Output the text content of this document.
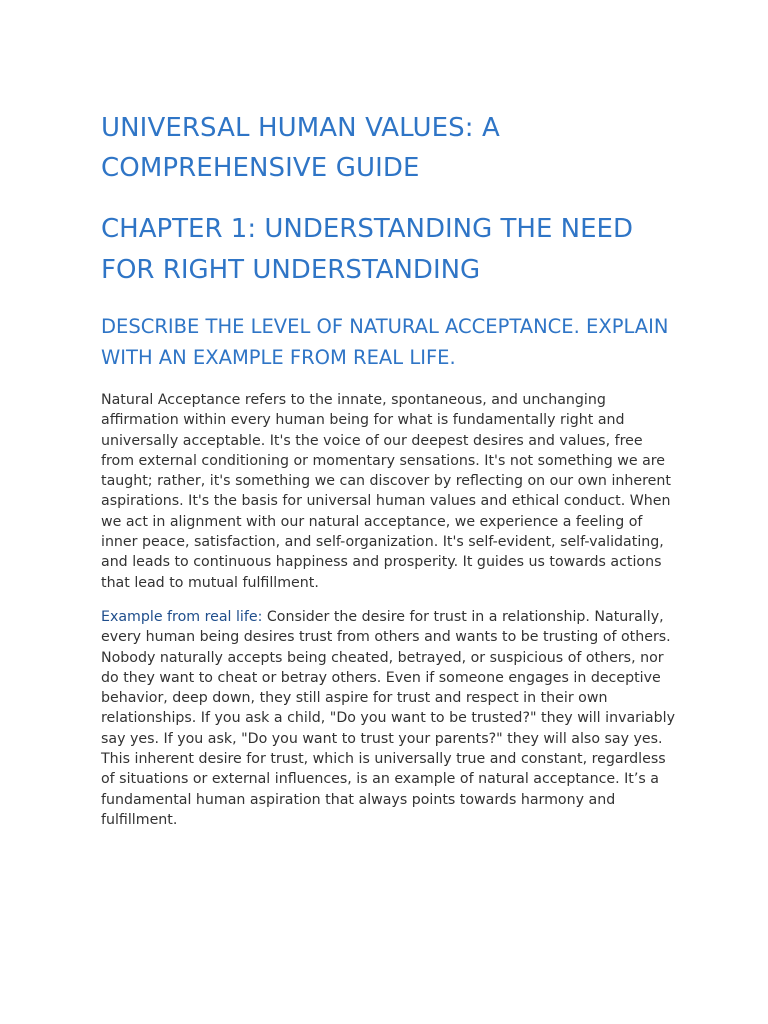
UNIVERSAL HUMAN VALUES: A COMPREHENSIVE GUIDE
CHAPTER 1: UNDERSTANDING THE NEED FOR RIGHT UNDERSTANDING
DESCRIBE THE LEVEL OF NATURAL ACCEPTANCE. EXPLAIN WITH AN EXAMPLE FROM REAL LIFE.

Natural Acceptance refers to the innate, spontaneous, and unchanging affirmation within every human being for what is fundamentally right and universally acceptable. It's the voice of our deepest desires and values, free from external conditioning or momentary sensations. It's not something we are taught; rather, it's something we can discover by reflecting on our own inherent aspirations. It's the basis for universal human values and ethical conduct. When we act in alignment with our natural acceptance, we experience a feeling of inner peace, satisfaction, and self-organization. It's self-evident, self-validating, and leads to continuous happiness and prosperity. It guides us towards actions that lead to mutual fulfillment.

Example from real life: Consider the desire for trust in a relationship. Naturally, every human being desires trust from others and wants to be trusting of others. Nobody naturally accepts being cheated, betrayed, or suspicious of others, nor do they want to cheat or betray others. Even if someone engages in deceptive behavior, deep down, they still aspire for trust and respect in their own relationships. If you ask a child, "Do you want to be trusted?" they will invariably say yes. If you ask, "Do you want to trust your parents?" they will also say yes. This inherent desire for trust, which is universally true and constant, regardless of situations or external influences, is an example of natural acceptance. It’s a fundamental human aspiration that always points towards harmony and fulfillment.
